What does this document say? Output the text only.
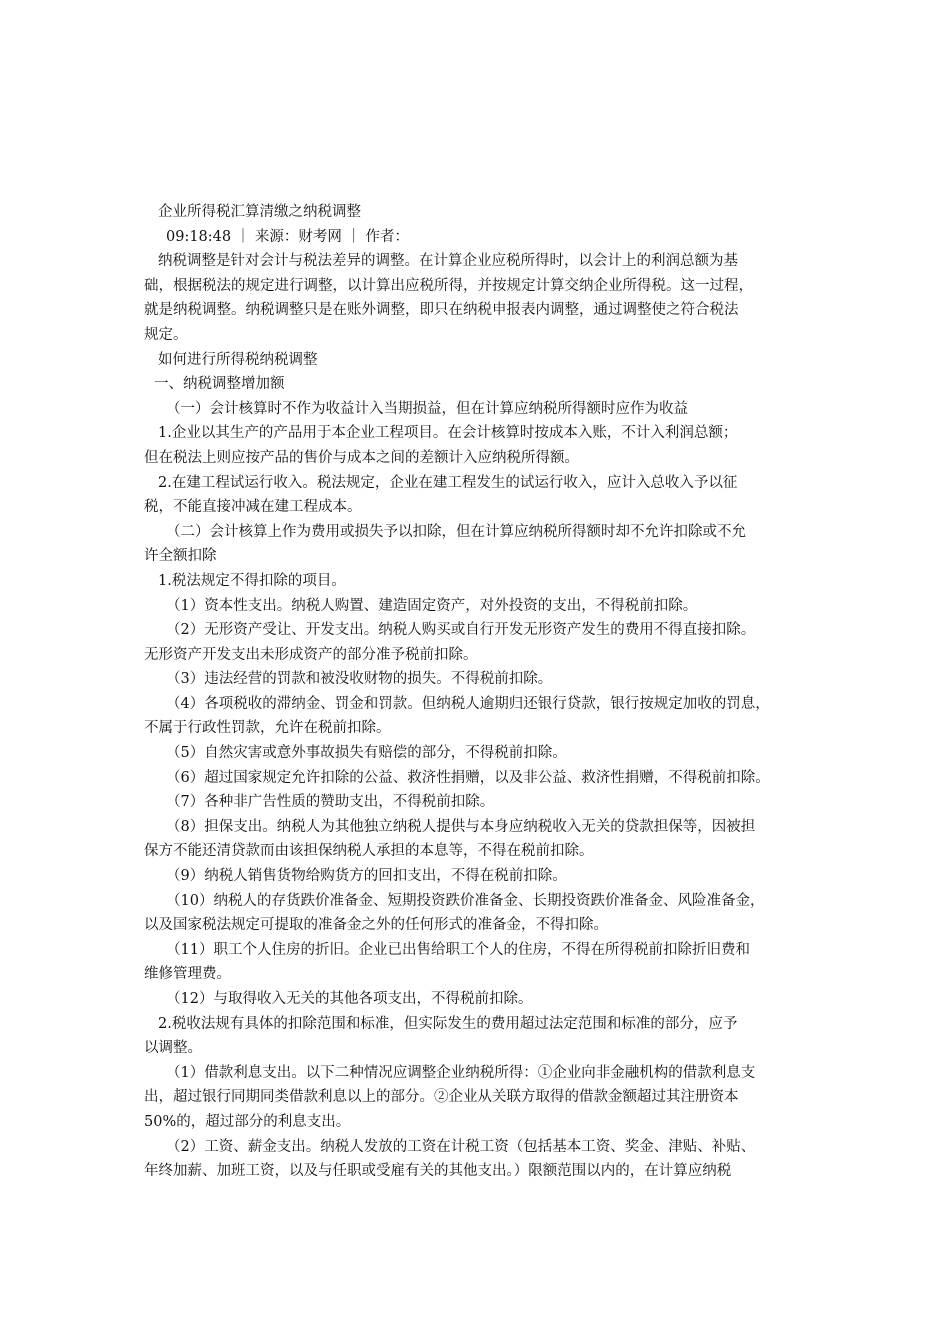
企业所得税汇算清缴之纳税调整
09:18:48 ｜ 来源：财考网 ｜ 作者：
纳税调整是针对会计与税法差异的调整。在计算企业应税所得时，以会计上的利润总额为基
础，根据税法的规定进行调整，以计算出应税所得，并按规定计算交纳企业所得税。这一过程，
就是纳税调整。纳税调整只是在账外调整，即只在纳税申报表内调整，通过调整使之符合税法
规定。
如何进行所得税纳税调整
一、纳税调整增加额
（一）会计核算时不作为收益计入当期损益，但在计算应纳税所得额时应作为收益
1.企业以其生产的产品用于本企业工程项目。在会计核算时按成本入账，不计入利润总额；
但在税法上则应按产品的售价与成本之间的差额计入应纳税所得额。
2.在建工程试运行收入。税法规定，企业在建工程发生的试运行收入，应计入总收入予以征
税，不能直接冲减在建工程成本。
（二）会计核算上作为费用或损失予以扣除，但在计算应纳税所得额时却不允许扣除或不允
许全额扣除
1.税法规定不得扣除的项目。
（1）资本性支出。纳税人购置、建造固定资产，对外投资的支出，不得税前扣除。
（2）无形资产受让、开发支出。纳税人购买或自行开发无形资产发生的费用不得直接扣除。
无形资产开发支出未形成资产的部分准予税前扣除。
（3）违法经营的罚款和被没收财物的损失。不得税前扣除。
（4）各项税收的滞纳金、罚金和罚款。但纳税人逾期归还银行贷款，银行按规定加收的罚息，
不属于行政性罚款，允许在税前扣除。
（5）自然灾害或意外事故损失有赔偿的部分，不得税前扣除。
（6）超过国家规定允许扣除的公益、救济性捐赠，以及非公益、救济性捐赠，不得税前扣除。
（7）各种非广告性质的赞助支出，不得税前扣除。
（8）担保支出。纳税人为其他独立纳税人提供与本身应纳税收入无关的贷款担保等，因被担
保方不能还清贷款而由该担保纳税人承担的本息等，不得在税前扣除。
（9）纳税人销售货物给购货方的回扣支出，不得在税前扣除。
（10）纳税人的存货跌价准备金、短期投资跌价准备金、长期投资跌价准备金、风险准备金，
以及国家税法规定可提取的准备金之外的任何形式的准备金，不得扣除。
（11）职工个人住房的折旧。企业已出售给职工个人的住房，不得在所得税前扣除折旧费和
维修管理费。
（12）与取得收入无关的其他各项支出，不得税前扣除。
2.税收法规有具体的扣除范围和标准，但实际发生的费用超过法定范围和标准的部分，应予
以调整。
（1）借款利息支出。以下二种情况应调整企业纳税所得：①企业向非金融机构的借款利息支
出，超过银行同期同类借款利息以上的部分。②企业从关联方取得的借款金额超过其注册资本
50%的，超过部分的利息支出。
（2）工资、薪金支出。纳税人发放的工资在计税工资（包括基本工资、奖金、津贴、补贴、
年终加薪、加班工资，以及与任职或受雇有关的其他支出。）限额范围以内的，在计算应纳税
